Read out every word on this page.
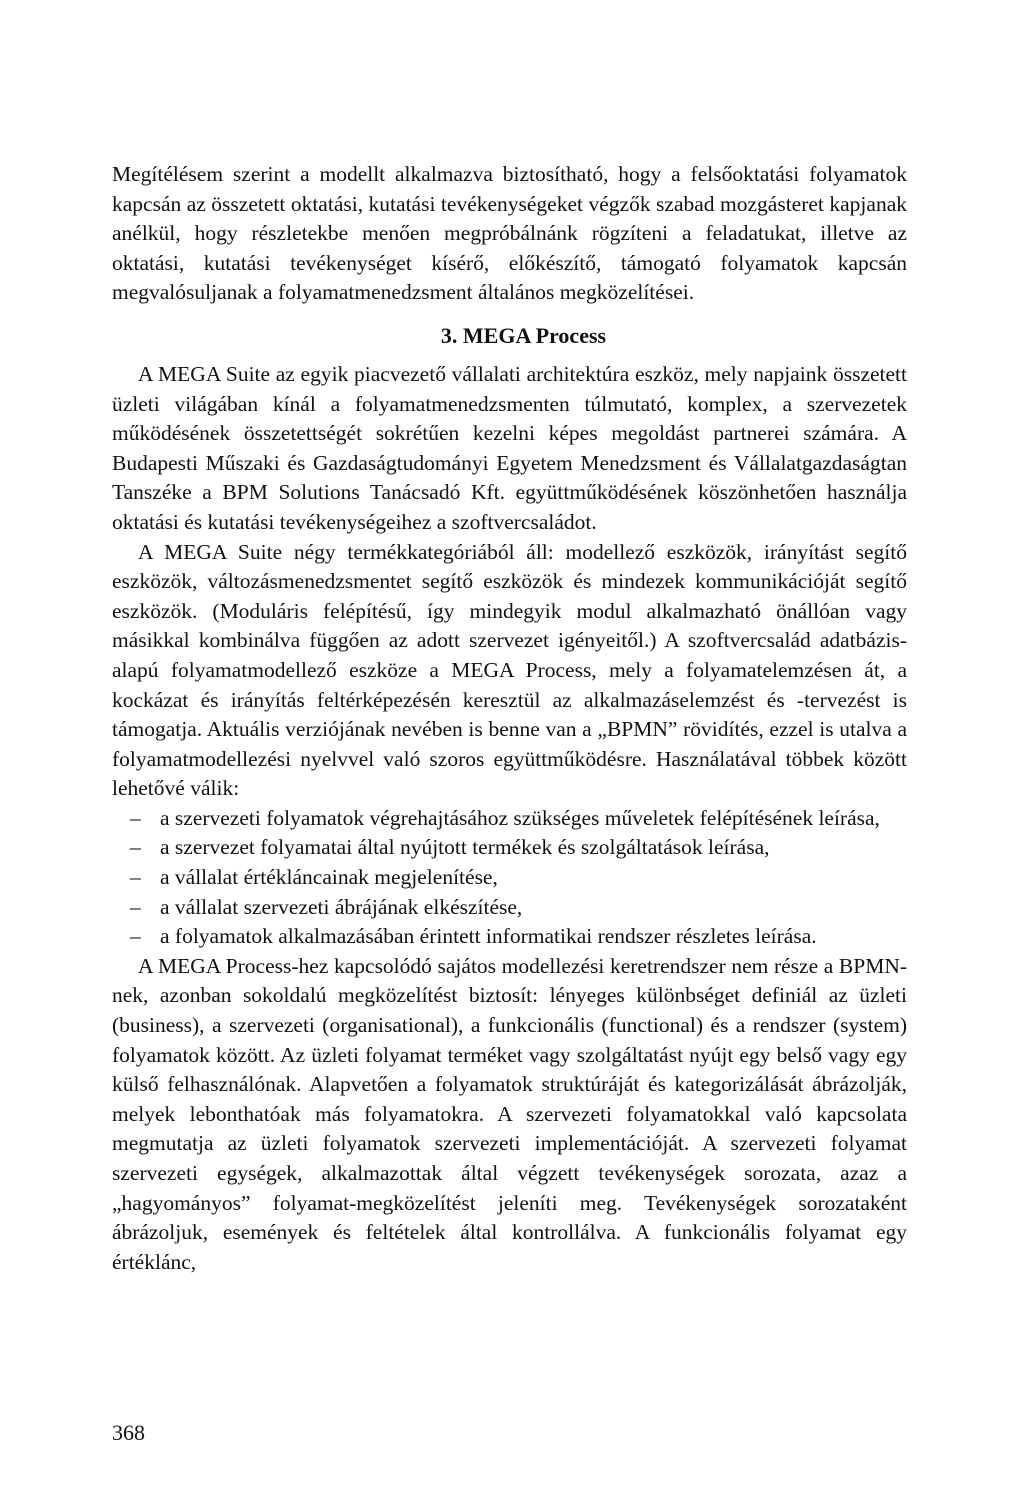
Megítélésem szerint a modellt alkalmazva biztosítható, hogy a felsőoktatási folyamatok kapcsán az összetett oktatási, kutatási tevékenységeket végzők szabad mozgásteret kapjanak anélkül, hogy részletekbe menően megpróbálnánk rögzíteni a feladatukat, illetve az oktatási, kutatási tevékenységet kísérő, előkészítő, támogató folyamatok kapcsán megvalósuljanak a folyamatmenedzsment általános megközelítései.

3. MEGA Process

A MEGA Suite az egyik piacvezető vállalati architektúra eszköz, mely napjaink összetett üzleti világában kínál a folyamatmenedzsmenten túlmutató, komplex, a szervezetek működésének összetettségét sokrétűen kezelni képes megoldást partnerei számára. A Budapesti Műszaki és Gazdaságtudományi Egyetem Menedzsment és Vállalatgazdaságtan Tanszéke a BPM Solutions Tanácsadó Kft. együttműködésének köszönhetően használja oktatási és kutatási tevékenységeihez a szoftvercsaládot.

A MEGA Suite négy termékkategóriából áll: modellező eszközök, irányítást segítő eszközök, változásmenedzsmentet segítő eszközök és mindezek kommunikációját segítő eszközök. (Moduláris felépítésű, így mindegyik modul alkalmazható önállóan vagy másikkal kombinálva függően az adott szervezet igényeitől.) A szoftvercsalád adatbázis-alapú folyamatmodellező eszköze a MEGA Process, mely a folyamatelemzésen át, a kockázat és irányítás feltérképezésén keresztül az alkalmazáselemzést és -tervezést is támogatja. Aktuális verziójának nevében is benne van a „BPMN” rövidítés, ezzel is utalva a folyamatmodellezési nyelvvel való szoros együttműködésre. Használatával többek között lehetővé válik:

– a szervezeti folyamatok végrehajtásához szükséges műveletek felépítésének leírása,
– a szervezet folyamatai által nyújtott termékek és szolgáltatások leírása,
– a vállalat értékláncainak megjelenítése,
– a vállalat szervezeti ábrájának elkészítése,
– a folyamatok alkalmazásában érintett informatikai rendszer részletes leírása.

A MEGA Process-hez kapcsolódó sajátos modellezési keretrendszer nem része a BPMN-nek, azonban sokoldalú megközelítést biztosít: lényeges különbséget definiál az üzleti (business), a szervezeti (organisational), a funkcionális (functional) és a rendszer (system) folyamatok között. Az üzleti folyamat terméket vagy szolgáltatást nyújt egy belső vagy egy külső felhasználónak. Alapvetően a folyamatok struktúráját és kategorizálását ábrázolják, melyek lebonthatóak más folyamatokra. A szervezeti folyamatokkal való kapcsolata megmutatja az üzleti folyamatok szervezeti implementációját. A szervezeti folyamat szervezeti egységek, alkalmazottak által végzett tevékenységek sorozata, azaz a „hagyományos” folyamat-megközelítést jeleníti meg. Tevékenységek sorozataként ábrázoljuk, események és feltételek által kontrollálva. A funkcionális folyamat egy értéklánc,

368
